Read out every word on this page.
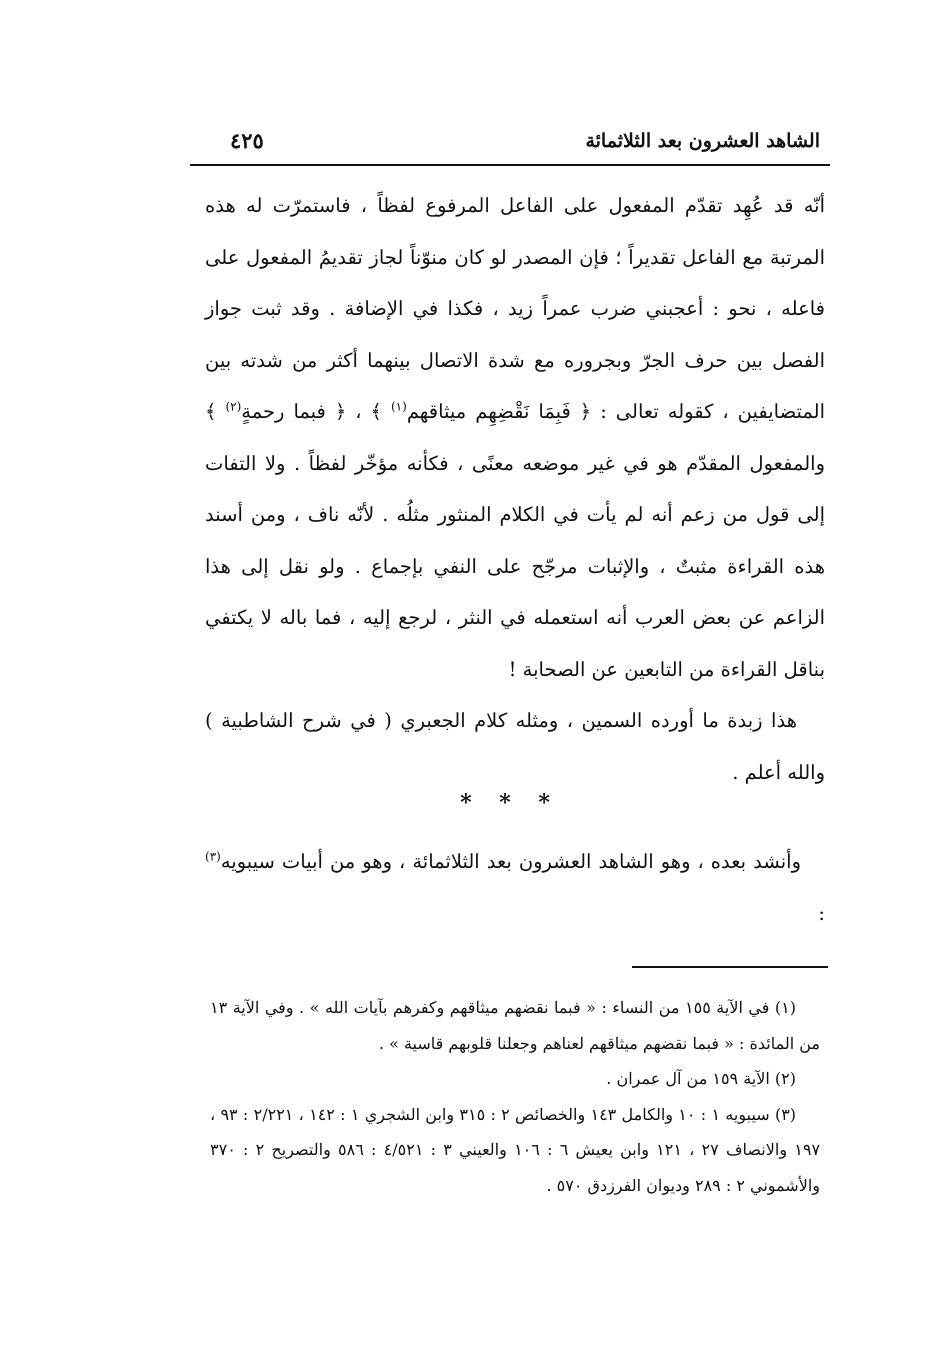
الشاهد العشرون بعد الثلاثمائة
٤٢٥

أنّه قد عُهِد تقدّم المفعول على الفاعل المرفوع لفظاً ، فاستمرّت له هذه المرتبة مع الفاعل تقديراً ؛ فإن المصدر لو كان منوّناً لجاز تقديمُ المفعول على فاعله ، نحو : أعجبني ضرب عمراً زيد ، فكذا في الإضافة . وقد ثبت جواز الفصل بين حرف الجرّ وبجروره مع شدة الاتصال بينهما أكثر من شدته بين المتضايفين ، كقوله تعالى : ﴿ فَبِمَا نَقْضِهِم ميثاقهم$^{(١)}$ ﴾ ، ﴿ فبما رحمةٍ$^{(٢)}$ ﴾ والمفعول المقدّم هو في غير موضعه معنًى ، فكأنه مؤخّر لفظاً . ولا التفات إلى قول من زعم أنه لم يأت في الكلام المنثور مثلُه . لأنّه ناف ، ومن أسند هذه القراءة مثبتٌ ، والإثبات مرجّح على النفي بإجماع . ولو نقل إلى هذا الزاعم عن بعض العرب أنه استعمله في النثر ، لرجع إليه ، فما باله لا يكتفي بناقل القراءة من التابعين عن الصحابة !

هذا زبدة ما أورده السمين ، ومثله كلام الجعبري ( في شرح الشاطبية ) والله أعلم .

* * *

وأنشد بعده ، وهو الشاهد العشرون بعد الثلاثمائة ، وهو من أبيات سيبويه$^{(٣)}$ :

(١) في الآية ١٥٥ من النساء : « فبما نقضهم ميثاقهم وكفرهم بآيات الله » . وفي الآية ١٣ من المائدة : « فبما نقضهم ميثاقهم لعناهم وجعلنا قلوبهم قاسية » .

(٢) الآية ١٥٩ من آل عمران .

(٣) سيبويه ١ : ١٠ والكامل ١٤٣ والخصائص ٢ : ٣١٥ وابن الشجري ١ : ١٤٢ ، ٢/٢٢١ : ٩٣ ، ١٩٧ والانصاف ٢٧ ، ١٢١ وابن يعيش ٦ : ١٠٦ والعيني ٣ : ٤/٥٢١ : ٥٨٦ والتصريح ٢ : ٣٧٠ والأشموني ٢ : ٢٨٩ وديوان الفرزدق ٥٧٠ .
